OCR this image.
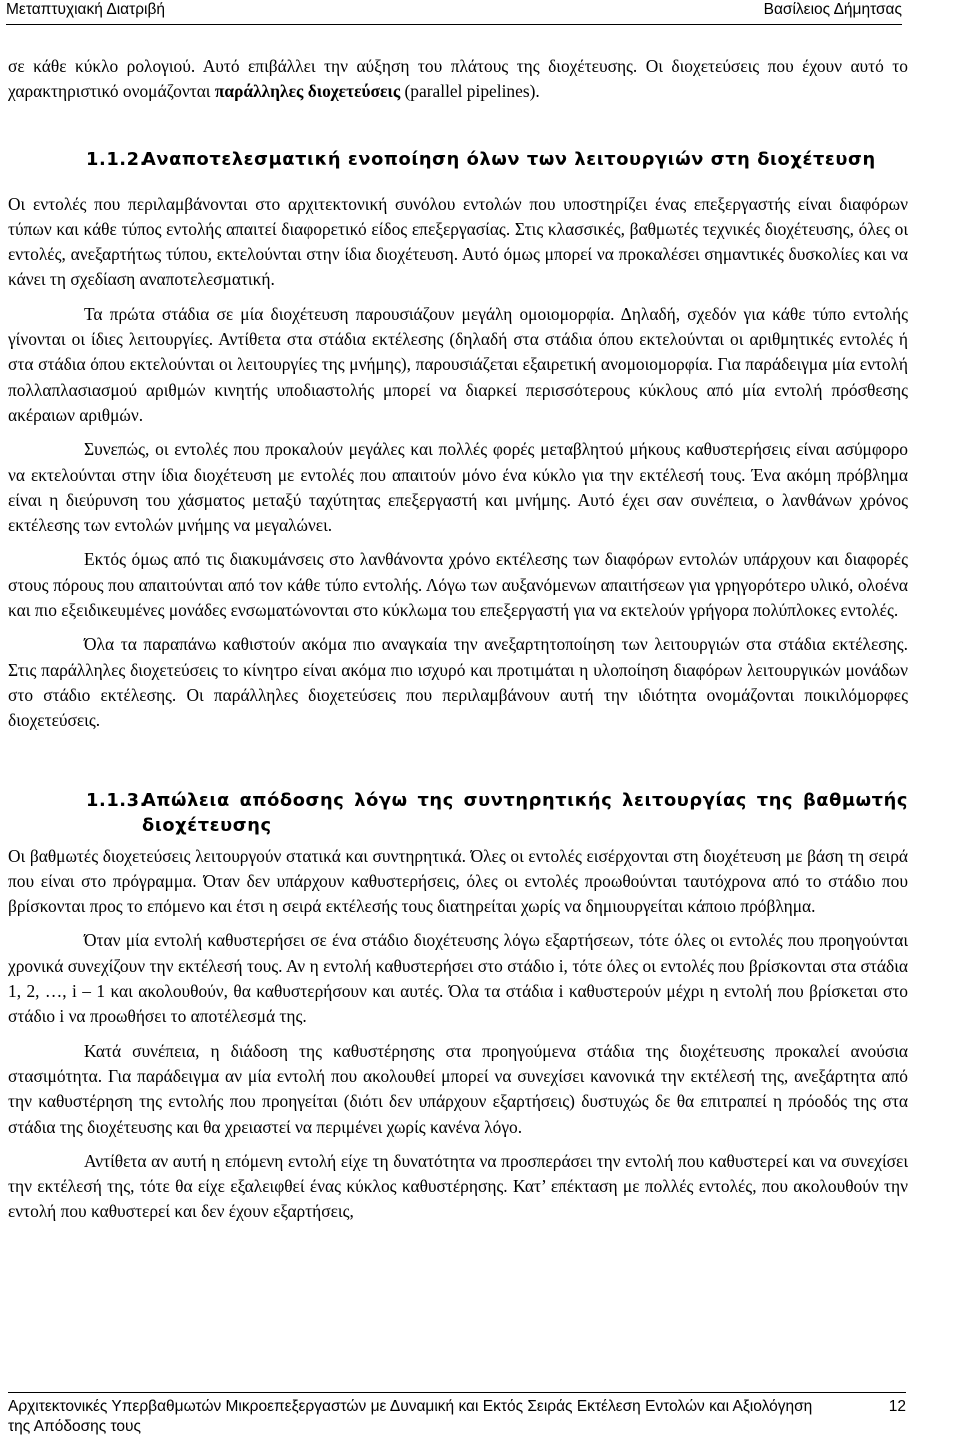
Μεταπτυχιακή Διατριβή	Βασίλειος Δήμητσας

σε κάθε κύκλο ρολογιού. Αυτό επιβάλλει την αύξηση του πλάτους της διοχέτευσης. Οι διοχετεύσεις που έχουν αυτό το χαρακτηριστικό ονομάζονται παράλληλες διοχετεύσεις (parallel pipelines).

1.1.2.Αναποτελεσματική ενοποίηση όλων των λειτουργιών στη διοχέτευση

Οι εντολές που περιλαμβάνονται στο αρχιτεκτονική συνόλου εντολών που υποστηρίζει ένας επεξεργαστής είναι διαφόρων τύπων και κάθε τύπος εντολής απαιτεί διαφορετικό είδος επεξεργασίας. Στις κλασσικές, βαθμωτές τεχνικές διοχέτευσης, όλες οι εντολές, ανεξαρτήτως τύπου, εκτελούνται στην ίδια διοχέτευση. Αυτό όμως μπορεί να προκαλέσει σημαντικές δυσκολίες και να κάνει τη σχεδίαση αναποτελεσματική.

Τα πρώτα στάδια σε μία διοχέτευση παρουσιάζουν μεγάλη ομοιομορφία. Δηλαδή, σχεδόν για κάθε τύπο εντολής γίνονται οι ίδιες λειτουργίες. Αντίθετα στα στάδια εκτέλεσης (δηλαδή στα στάδια όπου εκτελούνται οι αριθμητικές εντολές ή στα στάδια όπου εκτελούνται οι λειτουργίες της μνήμης), παρουσιάζεται εξαιρετική ανομοιομορφία. Για παράδειγμα μία εντολή πολλαπλασιασμού αριθμών κινητής υποδιαστολής μπορεί να διαρκεί περισσότερους κύκλους από μία εντολή πρόσθεσης ακέραιων αριθμών.

Συνεπώς, οι εντολές που προκαλούν μεγάλες και πολλές φορές μεταβλητού μήκους καθυστερήσεις είναι ασύμφορο να εκτελούνται στην ίδια διοχέτευση με εντολές που απαιτούν μόνο ένα κύκλο για την εκτέλεσή τους. Ένα ακόμη πρόβλημα είναι η διεύρυνση του χάσματος μεταξύ ταχύτητας επεξεργαστή και μνήμης. Αυτό έχει σαν συνέπεια, ο λανθάνων χρόνος εκτέλεσης των εντολών μνήμης να μεγαλώνει.

Εκτός όμως από τις διακυμάνσεις στο λανθάνοντα χρόνο εκτέλεσης των διαφόρων εντολών υπάρχουν και διαφορές στους πόρους που απαιτούνται από τον κάθε τύπο εντολής. Λόγω των αυξανόμενων απαιτήσεων για γρηγορότερο υλικό, ολοένα και πιο εξειδικευμένες μονάδες ενσωματώνονται στο κύκλωμα του επεξεργαστή για να εκτελούν γρήγορα πολύπλοκες εντολές.

Όλα τα παραπάνω καθιστούν ακόμα πιο αναγκαία την ανεξαρτητοποίηση των λειτουργιών στα στάδια εκτέλεσης. Στις παράλληλες διοχετεύσεις το κίνητρο είναι ακόμα πιο ισχυρό και προτιμάται η υλοποίηση διαφόρων λειτουργικών μονάδων στο στάδιο εκτέλεσης. Οι παράλληλες διοχετεύσεις που περιλαμβάνουν αυτή την ιδιότητα ονομάζονται ποικιλόμορφες διοχετεύσεις.

1.1.3.Απώλεια απόδοσης λόγω της συντηρητικής λειτουργίας της βαθμωτής διοχέτευσης

Οι βαθμωτές διοχετεύσεις λειτουργούν στατικά και συντηρητικά. Όλες οι εντολές εισέρχονται στη διοχέτευση με βάση τη σειρά που είναι στο πρόγραμμα. Όταν δεν υπάρχουν καθυστερήσεις, όλες οι εντολές προωθούνται ταυτόχρονα από το στάδιο που βρίσκονται προς το επόμενο και έτσι η σειρά εκτέλεσής τους διατηρείται χωρίς να δημιουργείται κάποιο πρόβλημα.

Όταν μία εντολή καθυστερήσει σε ένα στάδιο διοχέτευσης λόγω εξαρτήσεων, τότε όλες οι εντολές που προηγούνται χρονικά συνεχίζουν την εκτέλεσή τους. Αν η εντολή καθυστερήσει στο στάδιο i, τότε όλες οι εντολές που βρίσκονται στα στάδια 1, 2, …, i – 1 και ακολουθούν, θα καθυστερήσουν και αυτές. Όλα τα στάδια i καθυστερούν μέχρι η εντολή που βρίσκεται στο στάδιο i να προωθήσει το αποτέλεσμά της.

Κατά συνέπεια, η διάδοση της καθυστέρησης στα προηγούμενα στάδια της διοχέτευσης προκαλεί ανούσια στασιμότητα. Για παράδειγμα αν μία εντολή που ακολουθεί μπορεί να συνεχίσει κανονικά την εκτέλεσή της, ανεξάρτητα από την καθυστέρηση της εντολής που προηγείται (διότι δεν υπάρχουν εξαρτήσεις) δυστυχώς δε θα επιτραπεί η πρόοδός της στα στάδια της διοχέτευσης και θα χρειαστεί να περιμένει χωρίς κανένα λόγο.

Αντίθετα αν αυτή η επόμενη εντολή είχε τη δυνατότητα να προσπεράσει την εντολή που καθυστερεί και να συνεχίσει την εκτέλεσή της, τότε θα είχε εξαλειφθεί ένας κύκλος καθυστέρησης. Κατ’ επέκταση με πολλές εντολές, που ακολουθούν την εντολή που καθυστερεί και δεν έχουν εξαρτήσεις,

Αρχιτεκτονικές Υπερβαθμωτών Μικροεπεξεργαστών με Δυναμική και Εκτός Σειράς Εκτέλεση Εντολών και Αξιολόγηση της Απόδοσης τους
12
